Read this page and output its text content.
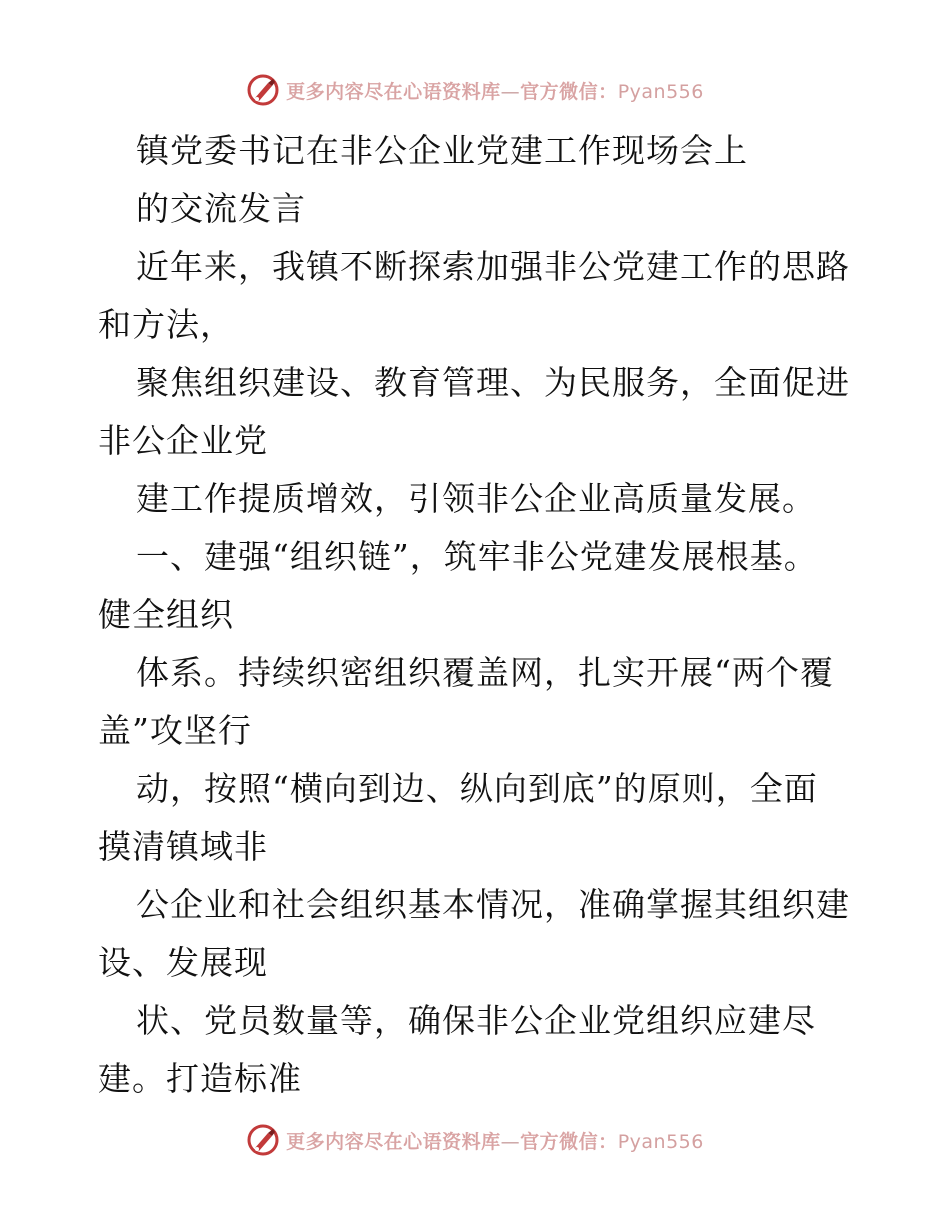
更多内容尽在心语资料库—官方微信：Pyan556
镇党委书记在非公企业党建工作现场会上
的交流发言
近年来，我镇不断探索加强非公党建工作的思路
和方法，
聚焦组织建设、教育管理、为民服务，全面促进
非公企业党
建工作提质增效，引领非公企业高质量发展。
一、建强“组织链”，筑牢非公党建发展根基。
健全组织
体系。持续织密组织覆盖网，扎实开展“两个覆
盖”攻坚行
动，按照“横向到边、纵向到底”的原则，全面
摸清镇域非
公企业和社会组织基本情况，准确掌握其组织建
设、发展现
状、党员数量等，确保非公企业党组织应建尽
建。打造标准
更多内容尽在心语资料库—官方微信：Pyan556
